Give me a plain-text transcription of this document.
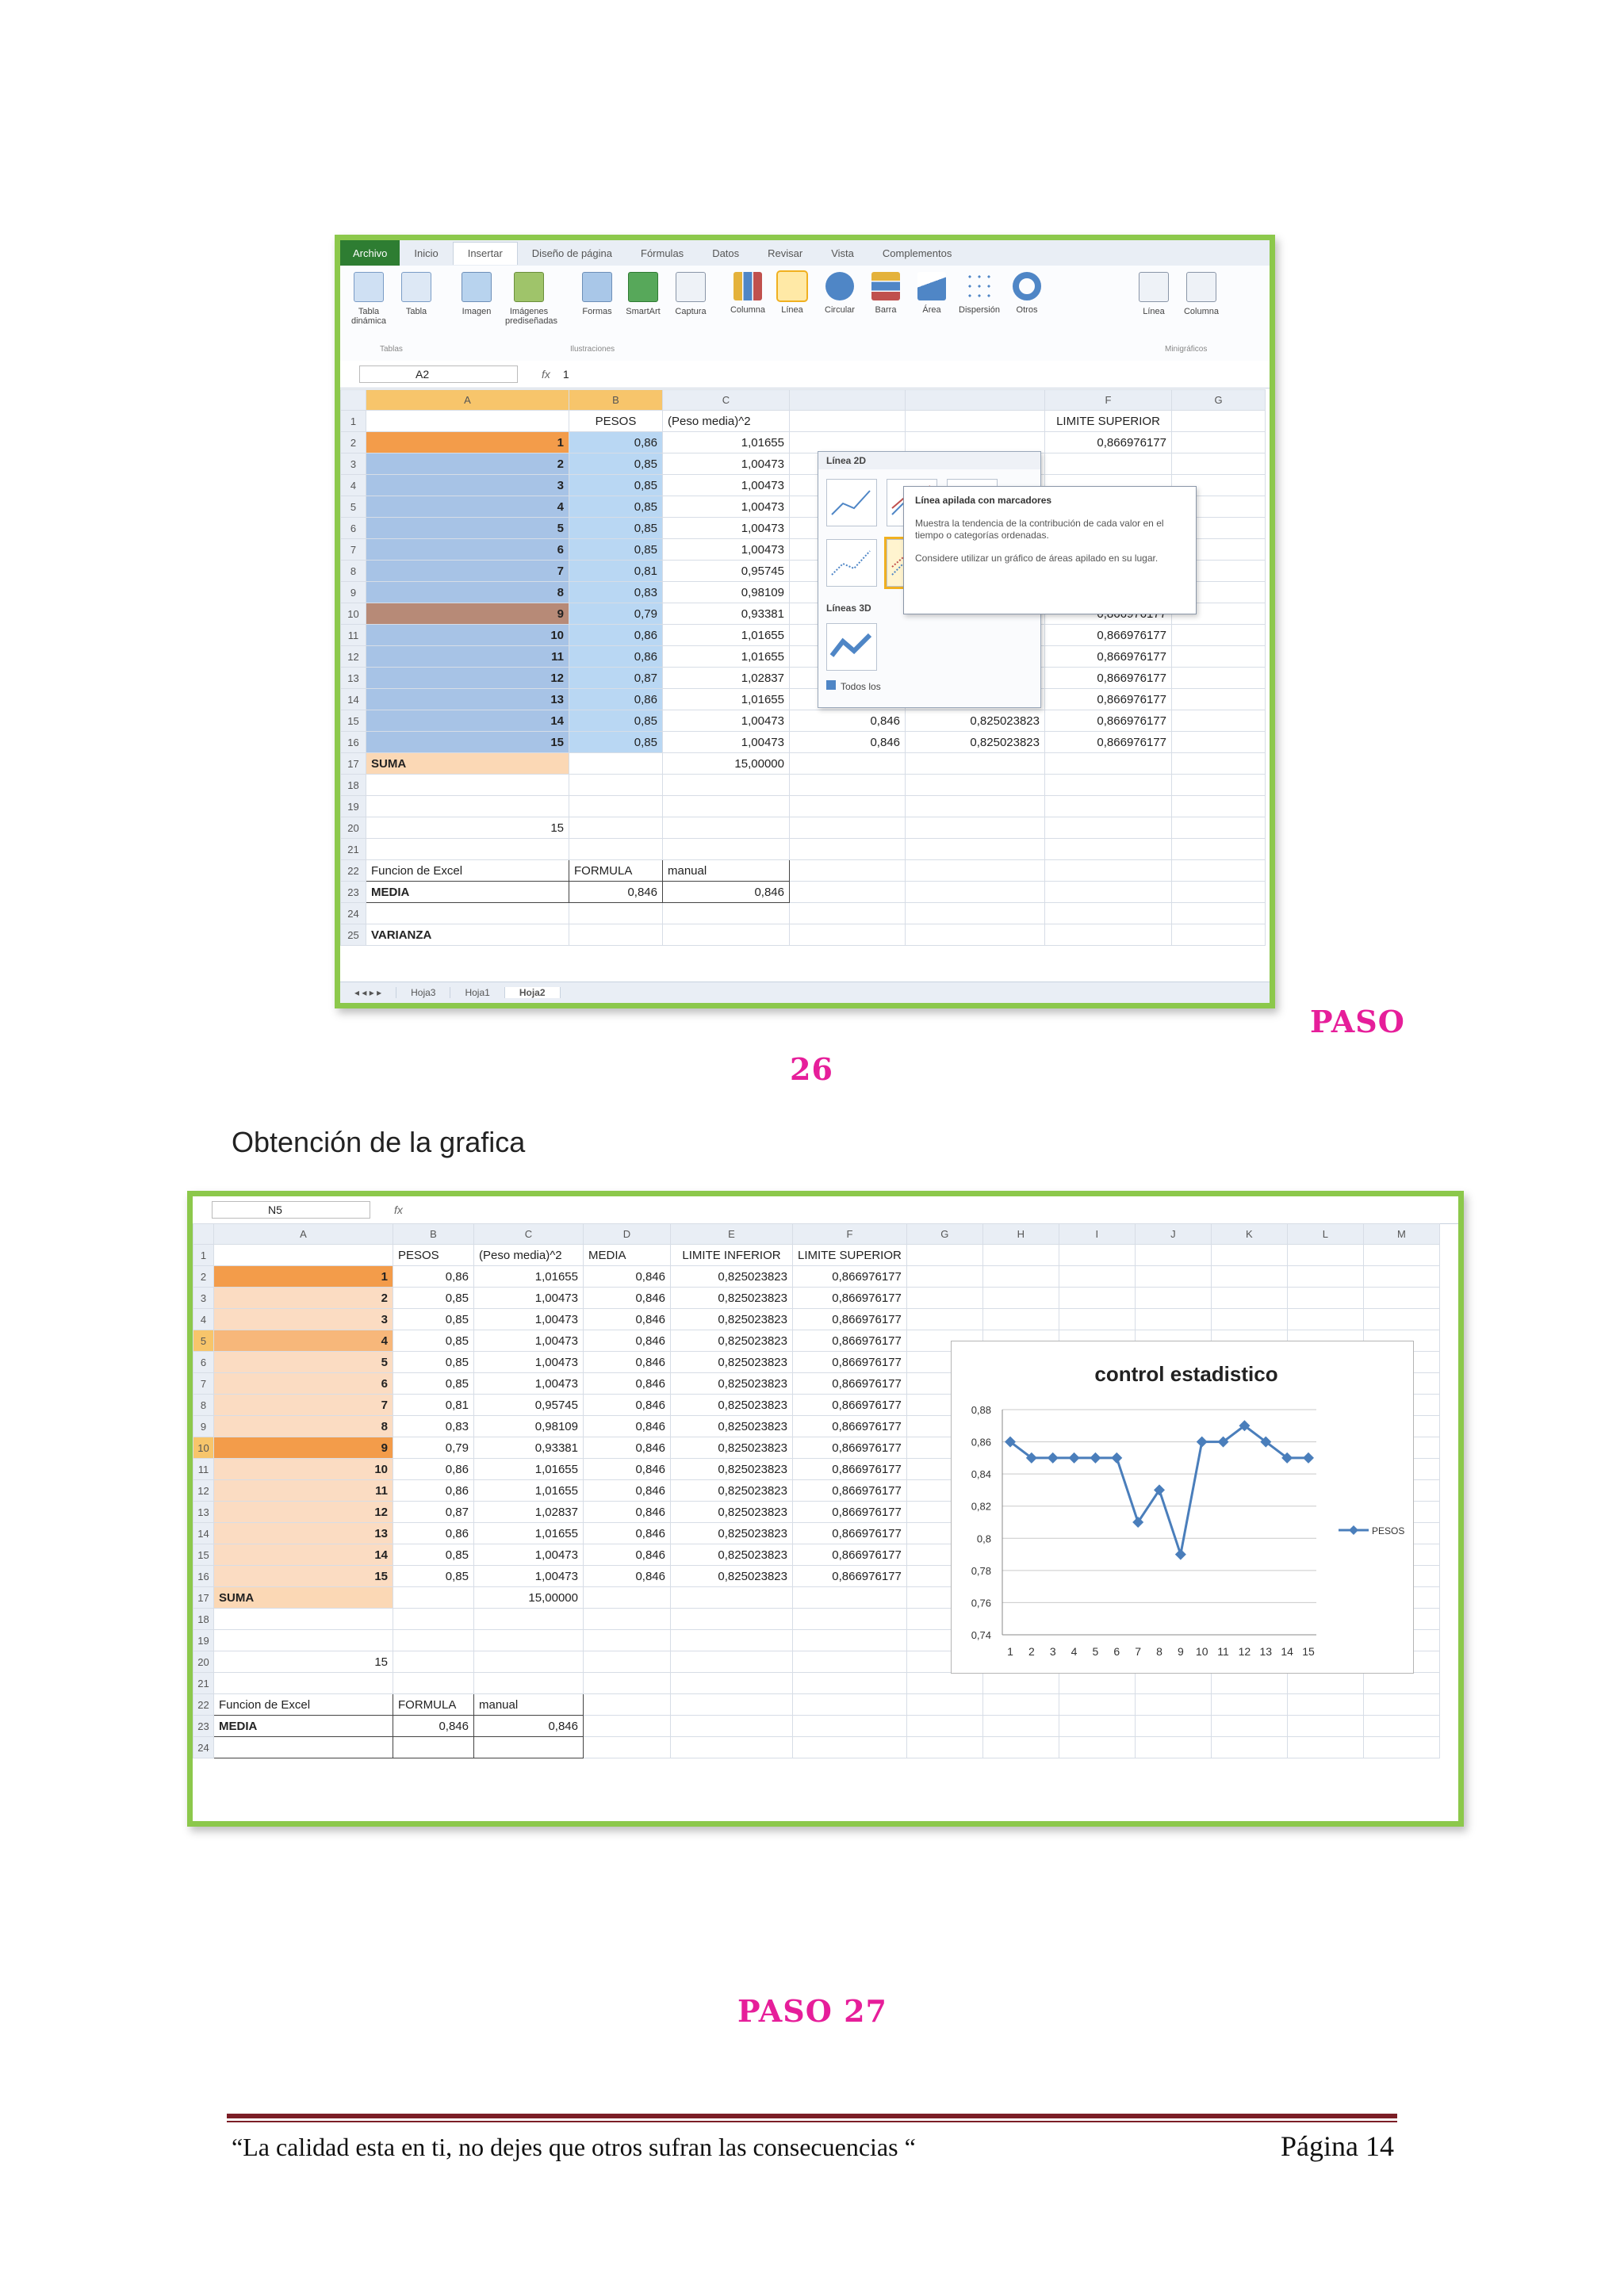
Archivo	Inicio	Insertar	Diseño de página	Fórmulas	Datos	Revisar	Vista	Complementos
Tabla dinámica
Tabla	Imagen	Imágenes prediseñadas
Formas	SmartArt	Captura	Columna	Línea	Circular	Barra	Área	Dispersión	Otros	Línea	Columna
Tablas	Ilustraciones	Minigráficos
A2	fx 1
	A	B	C			F	G
1		PESOS	(Peso media)^2			LIMITE SUPERIOR	
2	1	0,86	1,01655			0,866976177	
3	2	0,85	1,00473				
4	3	0,85	1,00473				
5	4	0,85	1,00473				
6	5	0,85	1,00473				
7	6	0,85	1,00473				
8	7	0,81	0,95745				
9	8	0,83	0,98109				
10	9	0,79	0,93381				
11	10	0,86	1,01655			0,866976177	
12	11	0,86	1,01655			0,866976177	
13	12	0,87	1,02837			0,866976177	
14	13	0,86	1,01655			0,866976177	
15	14	0,85	1,00473	0,846	0,825023823	0,866976177	
16	15	0,85	1,00473	0,846	0,825023823	0,866976177	
17	SUMA		15,00000				
18							
19							
20	15						
21							
22	Funcion de Excel	FORMULA	manual				
23	MEDIA	0,846	0,846				
24							
25	VARIANZA						
Línea 2D
Líneas 3D
Todos los
Línea apilada con marcadores
Muestra la tendencia de la contribución de cada valor en el tiempo o categorías ordenadas.
Considere utilizar un gráfico de áreas apilado en su lugar.
◂ ◂ ▸ ▸	Hoja3	Hoja1	Hoja2
PASO
26
Obtención de la grafica
N5	fx
	A	B	C	D	E	F	G	H	I	J	K	L	M
1		PESOS	(Peso media)^2	MEDIA	LIMITE INFERIOR	LIMITE SUPERIOR							
2	1	0,86	1,01655	0,846	0,825023823	0,866976177							
3	2	0,85	1,00473	0,846	0,825023823	0,866976177							
4	3	0,85	1,00473	0,846	0,825023823	0,866976177							
5	4	0,85	1,00473	0,846	0,825023823	0,866976177							
6	5	0,85	1,00473	0,846	0,825023823	0,866976177							
7	6	0,85	1,00473	0,846	0,825023823	0,866976177							
8	7	0,81	0,95745	0,846	0,825023823	0,866976177							
9	8	0,83	0,98109	0,846	0,825023823	0,866976177							
10	9	0,79	0,93381	0,846	0,825023823	0,866976177							
11	10	0,86	1,01655	0,846	0,825023823	0,866976177							
12	11	0,86	1,01655	0,846	0,825023823	0,866976177							
13	12	0,87	1,02837	0,846	0,825023823	0,866976177							
14	13	0,86	1,01655	0,846	0,825023823	0,866976177							
15	14	0,85	1,00473	0,846	0,825023823	0,866976177							
16	15	0,85	1,00473	0,846	0,825023823	0,866976177							
17	SUMA		15,00000										
18													
19													
20	15												
21													
22	Funcion de Excel	FORMULA	manual										
23	MEDIA	0,846	0,846										
24													
control estadistico
0,74
0,76
0,78
0,8
0,82
0,84
0,86
0,88
1 2 3 4 5 6 7 8 9 10 11 12 13 14 15
PESOS
PASO 27
“La calidad esta en ti, no dejes que otros sufran las consecuencias “	Página 14
